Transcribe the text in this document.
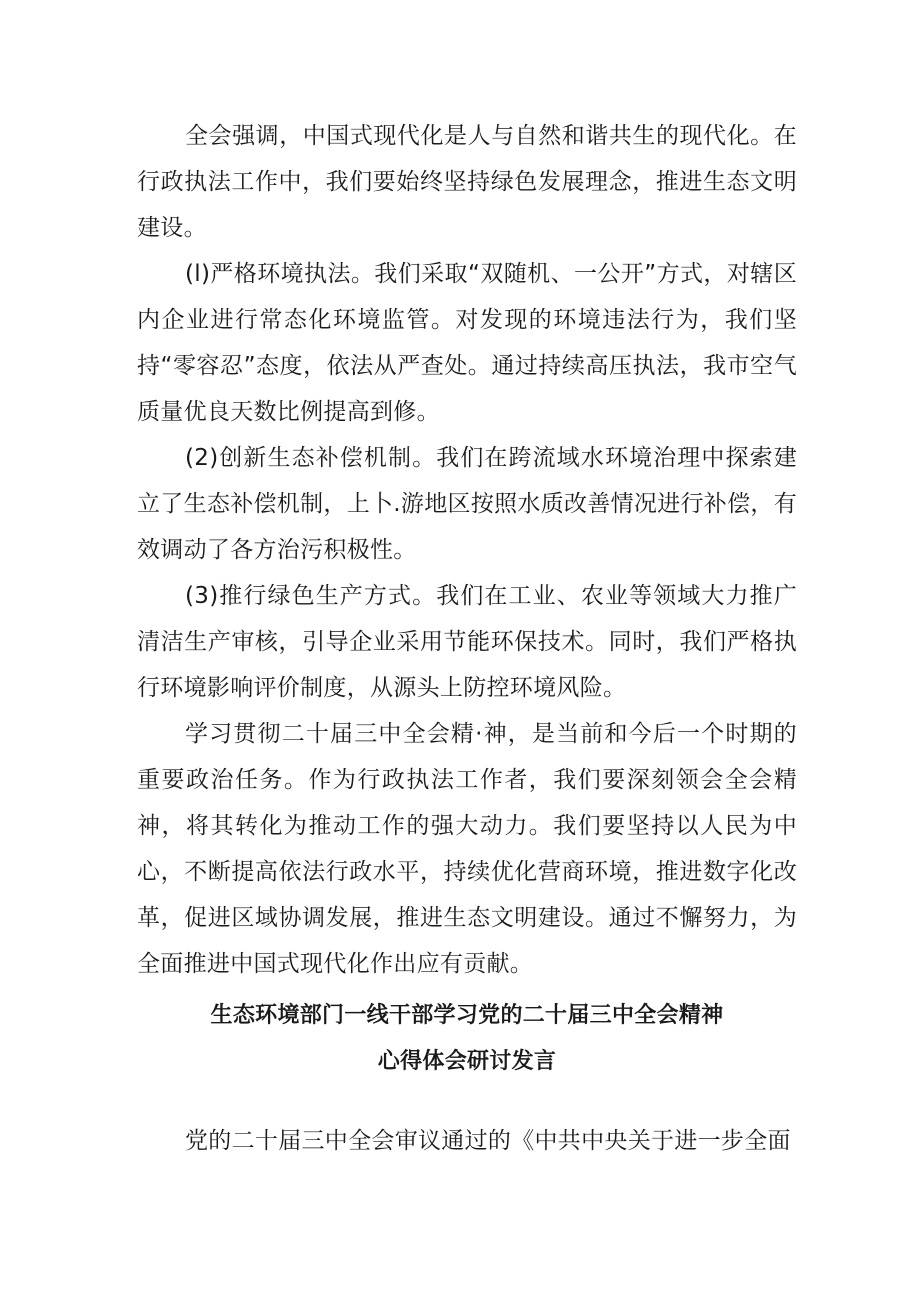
全会强调，中国式现代化是人与自然和谐共生的现代化。在行政执法工作中，我们要始终坚持绿色发展理念，推进生态文明建设。

(l)严格环境执法。我们采取“双随机、一公开”方式，对辖区内企业进行常态化环境监管。对发现的环境违法行为，我们坚持“零容忍”态度，依法从严查处。通过持续高压执法，我市空气质量优良天数比例提高到修。

(2)创新生态补偿机制。我们在跨流域水环境治理中探索建立了生态补偿机制，上卜.游地区按照水质改善情况进行补偿，有效调动了各方治污积极性。

(3)推行绿色生产方式。我们在工业、农业等领域大力推广清洁生产审核，引导企业采用节能环保技术。同时，我们严格执行环境影响评价制度，从源头上防控环境风险。

学习贯彻二十届三中全会精·神，是当前和今后一个时期的重要政治任务。作为行政执法工作者，我们要深刻领会全会精神，将其转化为推动工作的强大动力。我们要坚持以人民为中心，不断提高依法行政水平，持续优化营商环境，推进数字化改革，促进区域协调发展，推进生态文明建设。通过不懈努力，为全面推进中国式现代化作出应有贡献。

生态环境部门一线干部学习党的二十届三中全会精神

心得体会研讨发言

党的二十届三中全会审议通过的《中共中央关于进一步全面
